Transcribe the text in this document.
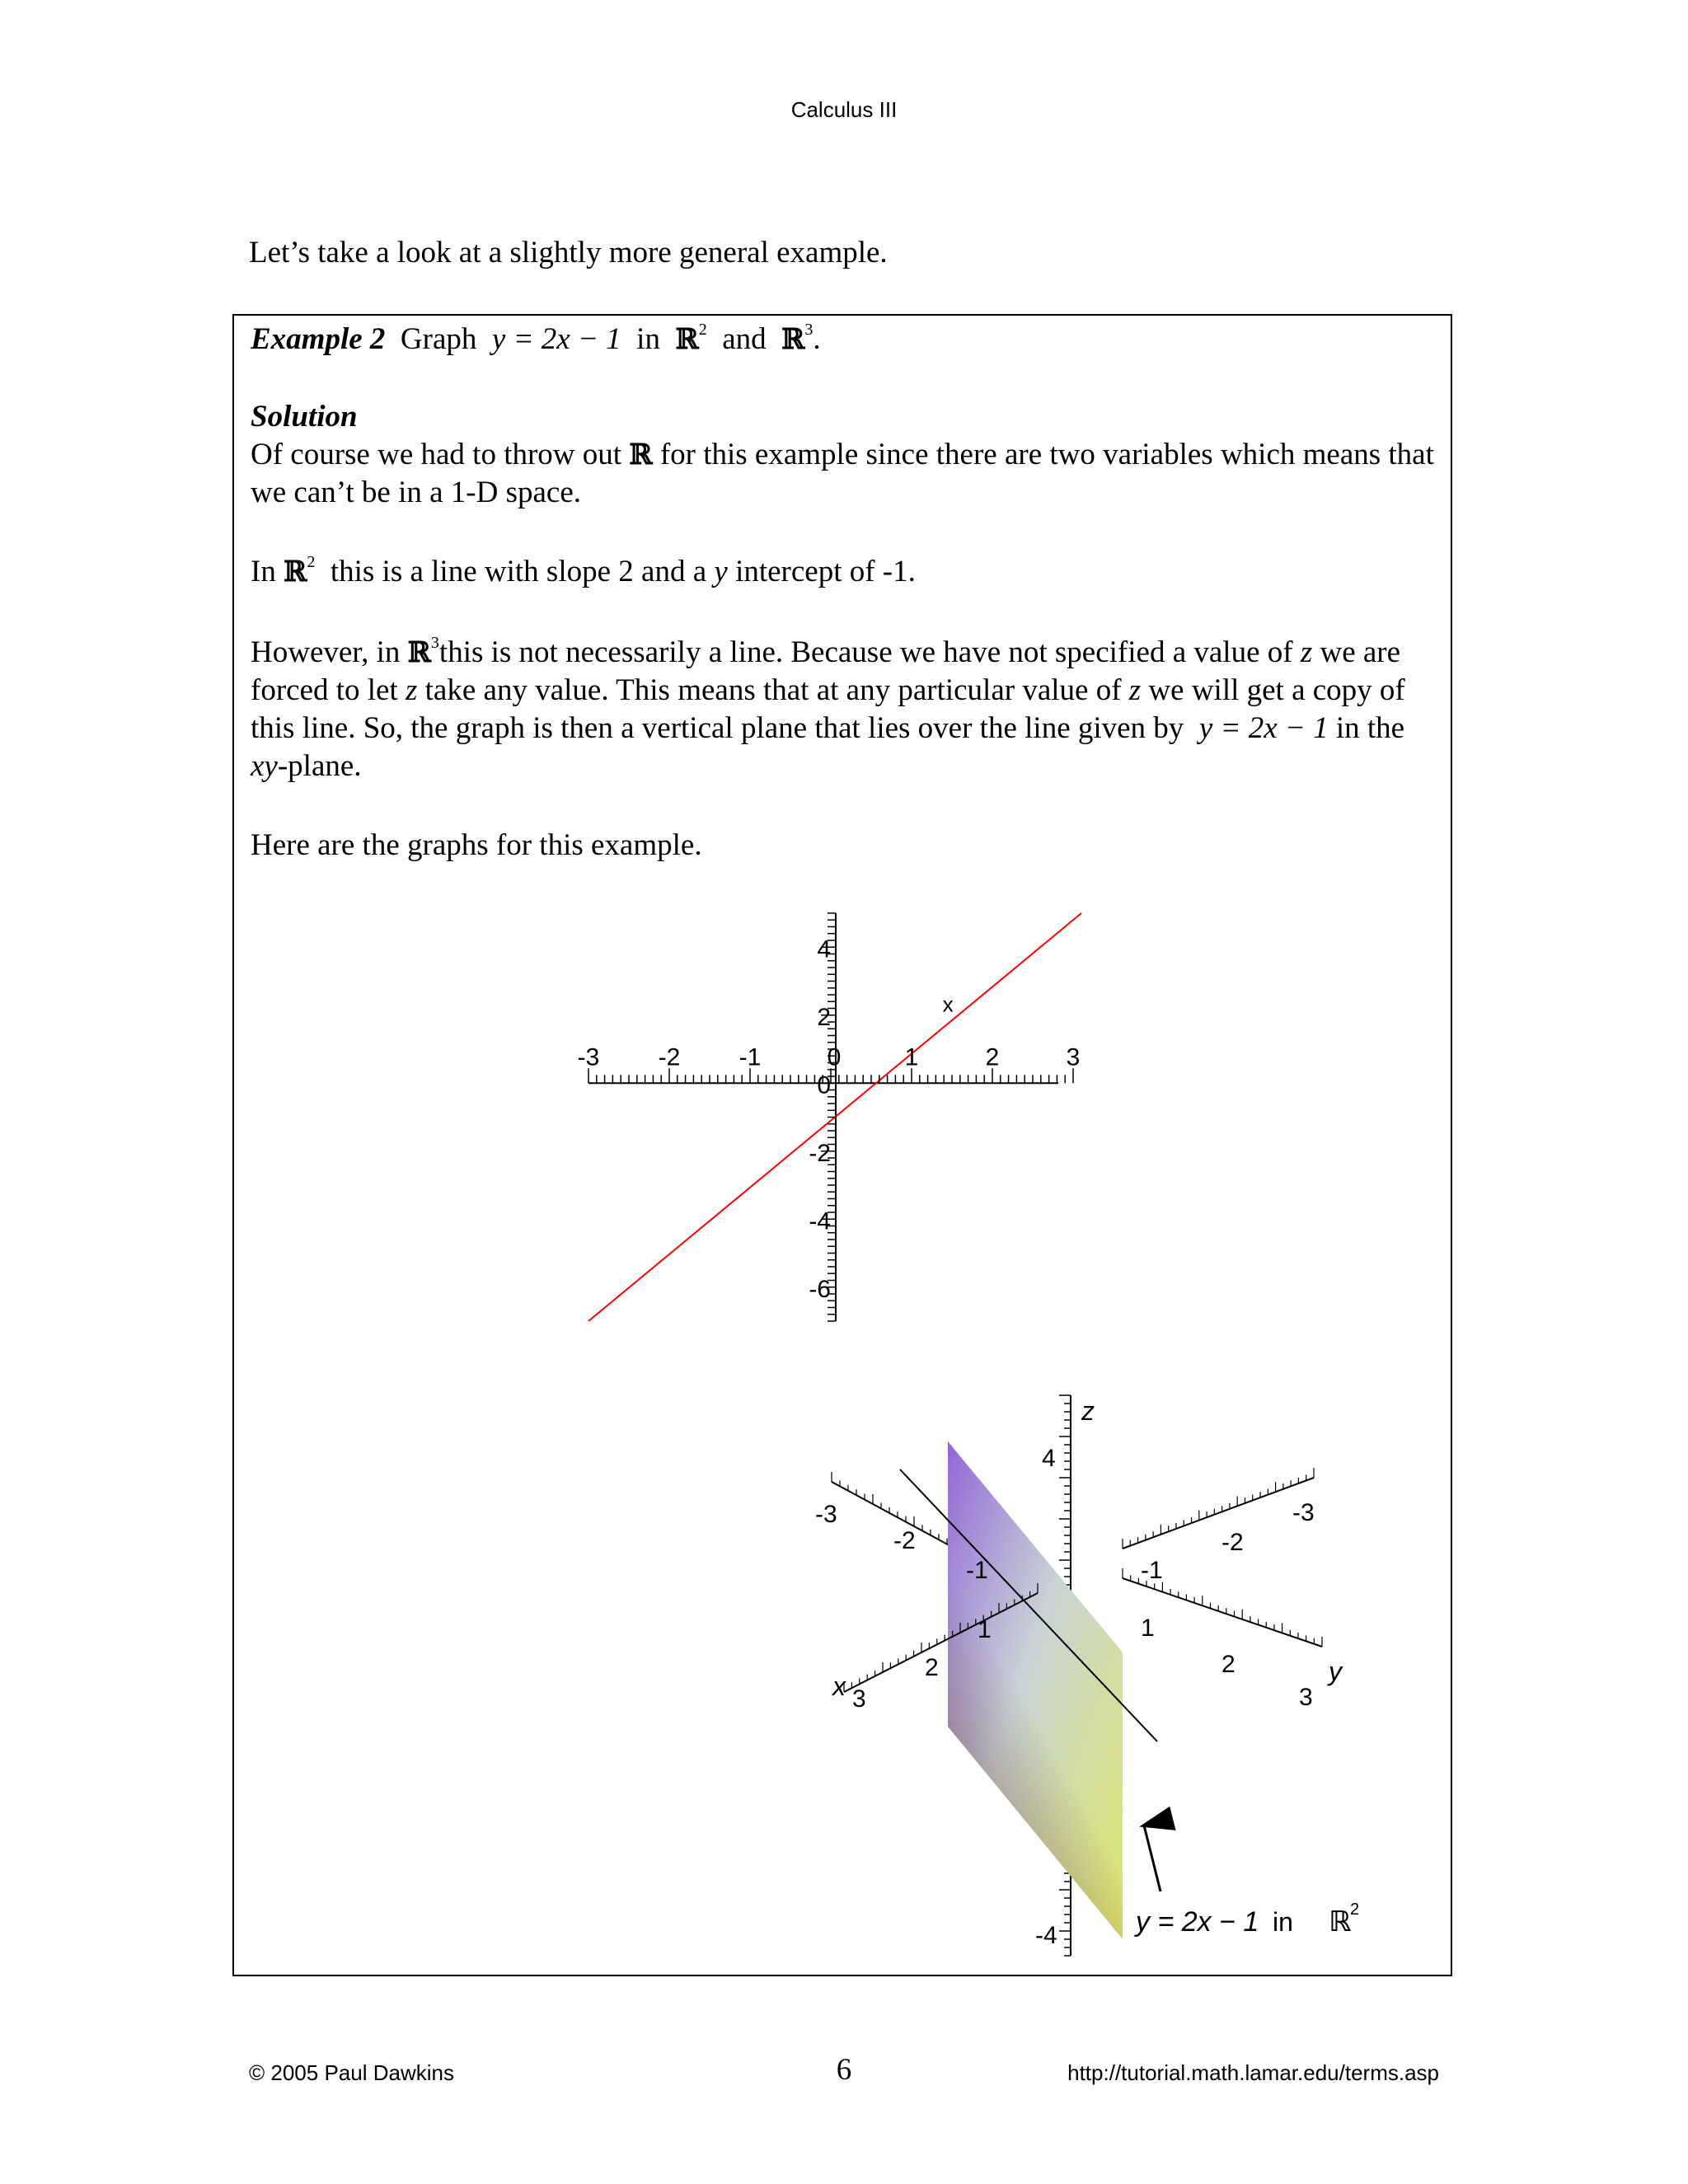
Calculus III

Let’s take a look at a slightly more general example.

Example 2 Graph y = 2x − 1 in ℝ$^2$ and ℝ$^3$.

Solution

Of course we had to throw out ℝ for this example since there are two variables which means that we can’t be in a 1-D space.

In ℝ$^2$ this is a line with slope 2 and a y intercept of -1.

However, in ℝ$^3$this is not necessarily a line. Because we have not specified a value of z we are forced to let z take any value. This means that at any particular value of z we will get a copy of this line. So, the graph is then a vertical plane that lies over the line given by y = 2x − 1 in the xy-plane.

Here are the graphs for this example.

-3 -2 -1	0	1	2	3
4
2
0
-2
-4
-6
x
z
4
-4
-3
-2
-1
1
2
3
x
-3
-2
-1
1
2
3
y
y = 2x − 1 in ℝ
2
© 2005 Paul Dawkins	6	http://tutorial.math.lamar.edu/terms.asp
